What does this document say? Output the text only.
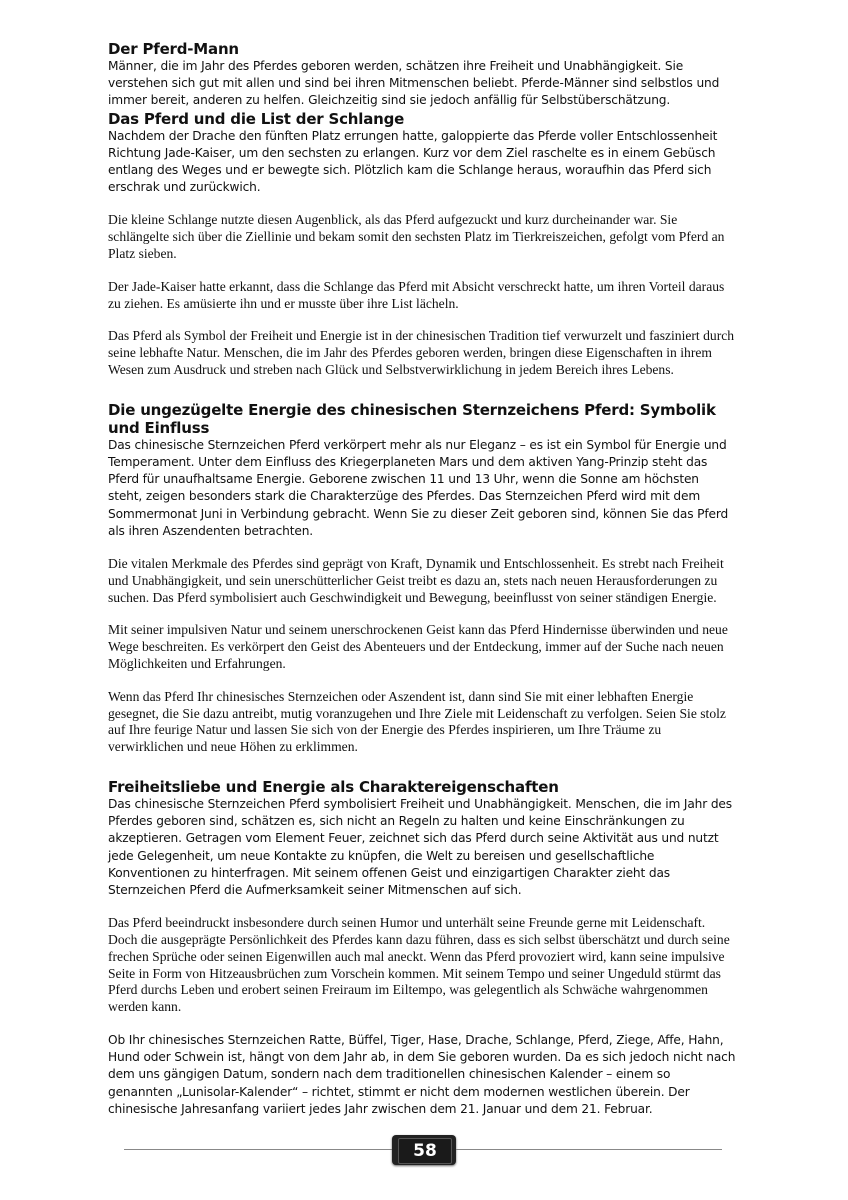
Der Pferd-Mann

Männer, die im Jahr des Pferdes geboren werden, schätzen ihre Freiheit und Unabhängigkeit. Sie verstehen sich gut mit allen und sind bei ihren Mitmenschen beliebt. Pferde-Männer sind selbstlos und immer bereit, anderen zu helfen. Gleichzeitig sind sie jedoch anfällig für Selbstüberschätzung.

Das Pferd und die List der Schlange

Nachdem der Drache den fünften Platz errungen hatte, galoppierte das Pferde voller Entschlossenheit Richtung Jade-Kaiser, um den sechsten zu erlangen. Kurz vor dem Ziel raschelte es in einem Gebüsch entlang des Weges und er bewegte sich. Plötzlich kam die Schlange heraus, woraufhin das Pferd sich erschrak und zurückwich.

Die kleine Schlange nutzte diesen Augenblick, als das Pferd aufgezuckt und kurz durcheinander war. Sie schlängelte sich über die Ziellinie und bekam somit den sechsten Platz im Tierkreiszeichen, gefolgt vom Pferd an Platz sieben.

Der Jade-Kaiser hatte erkannt, dass die Schlange das Pferd mit Absicht verschreckt hatte, um ihren Vorteil daraus zu ziehen. Es amüsierte ihn und er musste über ihre List lächeln.

Das Pferd als Symbol der Freiheit und Energie ist in der chinesischen Tradition tief verwurzelt und fasziniert durch seine lebhafte Natur. Menschen, die im Jahr des Pferdes geboren werden, bringen diese Eigenschaften in ihrem Wesen zum Ausdruck und streben nach Glück und Selbstverwirklichung in jedem Bereich ihres Lebens.

Die ungezügelte Energie des chinesischen Sternzeichens Pferd: Symbolik und Einfluss

Das chinesische Sternzeichen Pferd verkörpert mehr als nur Eleganz – es ist ein Symbol für Energie und Temperament. Unter dem Einfluss des Kriegerplaneten Mars und dem aktiven Yang-Prinzip steht das Pferd für unaufhaltsame Energie. Geborene zwischen 11 und 13 Uhr, wenn die Sonne am höchsten steht, zeigen besonders stark die Charakterzüge des Pferdes. Das Sternzeichen Pferd wird mit dem Sommermonat Juni in Verbindung gebracht. Wenn Sie zu dieser Zeit geboren sind, können Sie das Pferd als ihren Aszendenten betrachten.

Die vitalen Merkmale des Pferdes sind geprägt von Kraft, Dynamik und Entschlossenheit. Es strebt nach Freiheit und Unabhängigkeit, und sein unerschütterlicher Geist treibt es dazu an, stets nach neuen Herausforderungen zu suchen. Das Pferd symbolisiert auch Geschwindigkeit und Bewegung, beeinflusst von seiner ständigen Energie.

Mit seiner impulsiven Natur und seinem unerschrockenen Geist kann das Pferd Hindernisse überwinden und neue Wege beschreiten. Es verkörpert den Geist des Abenteuers und der Entdeckung, immer auf der Suche nach neuen Möglichkeiten und Erfahrungen.

Wenn das Pferd Ihr chinesisches Sternzeichen oder Aszendent ist, dann sind Sie mit einer lebhaften Energie gesegnet, die Sie dazu antreibt, mutig voranzugehen und Ihre Ziele mit Leidenschaft zu verfolgen. Seien Sie stolz auf Ihre feurige Natur und lassen Sie sich von der Energie des Pferdes inspirieren, um Ihre Träume zu verwirklichen und neue Höhen zu erklimmen.

Freiheitsliebe und Energie als Charaktereigenschaften

Das chinesische Sternzeichen Pferd symbolisiert Freiheit und Unabhängigkeit. Menschen, die im Jahr des Pferdes geboren sind, schätzen es, sich nicht an Regeln zu halten und keine Einschränkungen zu akzeptieren. Getragen vom Element Feuer, zeichnet sich das Pferd durch seine Aktivität aus und nutzt jede Gelegenheit, um neue Kontakte zu knüpfen, die Welt zu bereisen und gesellschaftliche Konventionen zu hinterfragen. Mit seinem offenen Geist und einzigartigen Charakter zieht das Sternzeichen Pferd die Aufmerksamkeit seiner Mitmenschen auf sich.

Das Pferd beeindruckt insbesondere durch seinen Humor und unterhält seine Freunde gerne mit Leidenschaft. Doch die ausgeprägte Persönlichkeit des Pferdes kann dazu führen, dass es sich selbst überschätzt und durch seine frechen Sprüche oder seinen Eigenwillen auch mal aneckt. Wenn das Pferd provoziert wird, kann seine impulsive Seite in Form von Hitzeausbrüchen zum Vorschein kommen. Mit seinem Tempo und seiner Ungeduld stürmt das Pferd durchs Leben und erobert seinen Freiraum im Eiltempo, was gelegentlich als Schwäche wahrgenommen werden kann.

Ob Ihr chinesisches Sternzeichen Ratte, Büffel, Tiger, Hase, Drache, Schlange, Pferd, Ziege, Affe, Hahn, Hund oder Schwein ist, hängt von dem Jahr ab, in dem Sie geboren wurden. Da es sich jedoch nicht nach dem uns gängigen Datum, sondern nach dem traditionellen chinesischen Kalender – einem so genannten „Lunisolar-Kalender“ – richtet, stimmt er nicht dem modernen westlichen überein. Der chinesische Jahresanfang variiert jedes Jahr zwischen dem 21. Januar und dem 21. Februar.

58
